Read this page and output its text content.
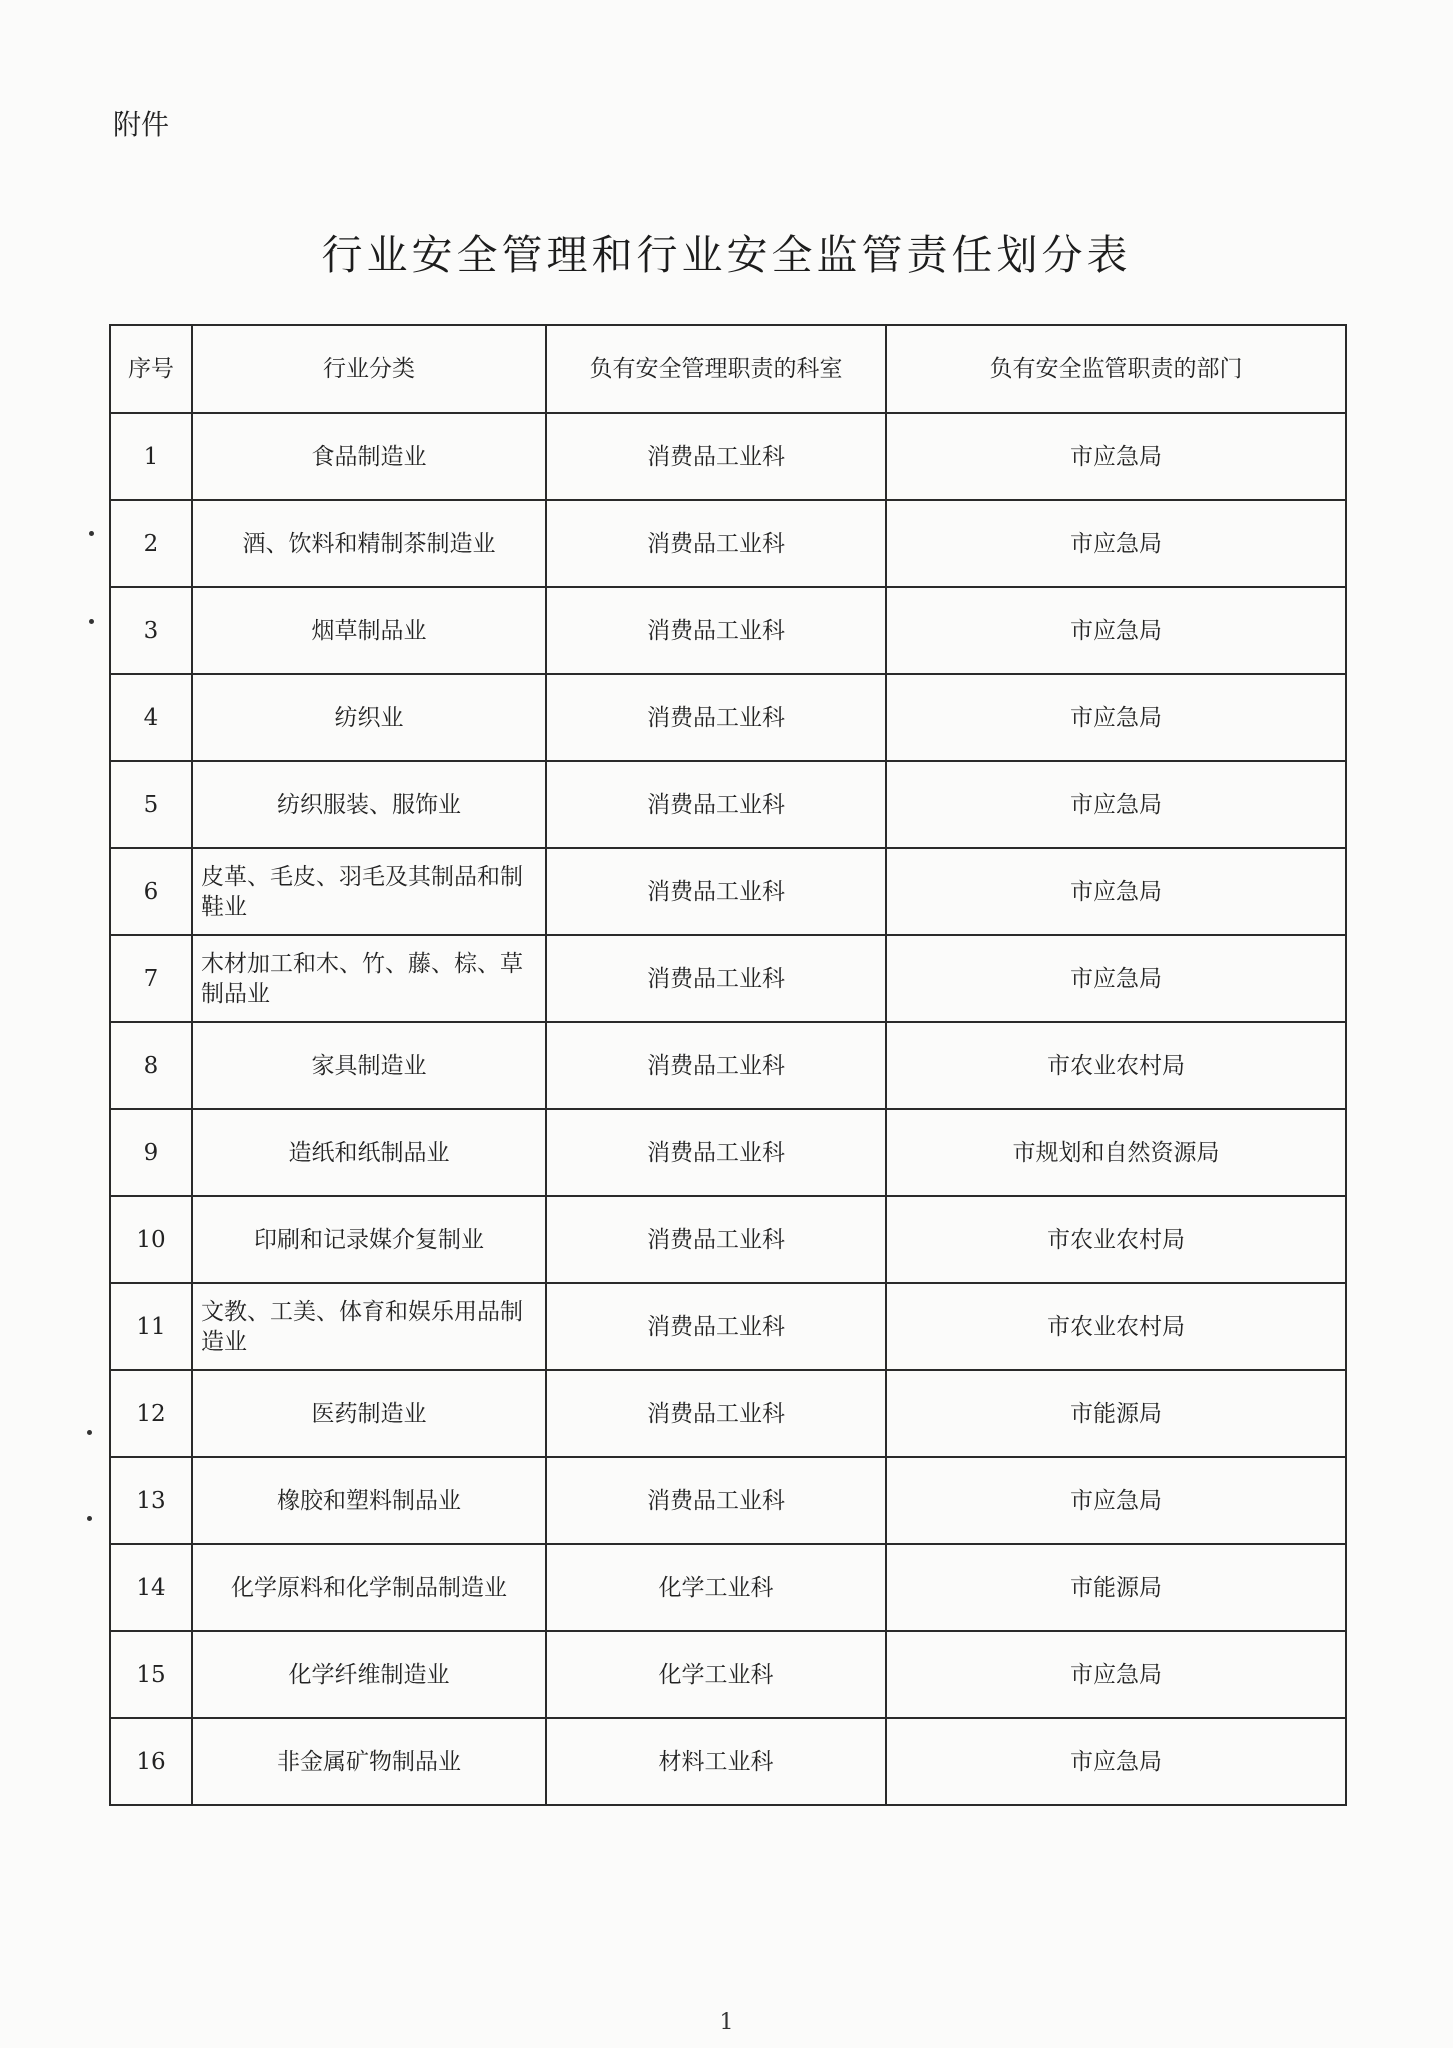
附件
行业安全管理和行业安全监管责任划分表
序号	行业分类	负有安全管理职责的科室	负有安全监管职责的部门
1	食品制造业	消费品工业科	市应急局
2	酒、饮料和精制茶制造业	消费品工业科	市应急局
3	烟草制品业	消费品工业科	市应急局
4	纺织业	消费品工业科	市应急局
5	纺织服装、服饰业	消费品工业科	市应急局
6	皮革、毛皮、羽毛及其制品和制鞋业	消费品工业科	市应急局
7	木材加工和木、竹、藤、棕、草制品业	消费品工业科	市应急局
8	家具制造业	消费品工业科	市农业农村局
9	造纸和纸制品业	消费品工业科	市规划和自然资源局
10	印刷和记录媒介复制业	消费品工业科	市农业农村局
11	文教、工美、体育和娱乐用品制造业	消费品工业科	市农业农村局
12	医药制造业	消费品工业科	市能源局
13	橡胶和塑料制品业	消费品工业科	市应急局
14	化学原料和化学制品制造业	化学工业科	市能源局
15	化学纤维制造业	化学工业科	市应急局
16	非金属矿物制品业	材料工业科	市应急局
1
